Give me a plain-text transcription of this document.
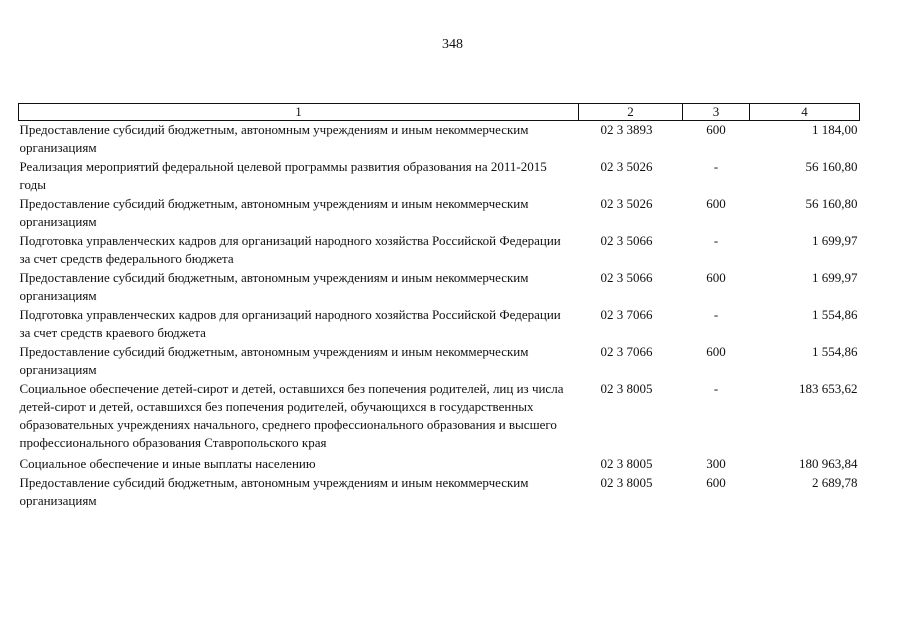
348
1	2	3	4
Предоставление субсидий бюджетным, автономным учреждениям и иным некоммерческим организациям	02 3 3893	600	1 184,00
Реализация мероприятий федеральной целевой программы развития образования на 2011-2015 годы	02 3 5026	-	56 160,80
Предоставление субсидий бюджетным, автономным учреждениям и иным некоммерческим организациям	02 3 5026	600	56 160,80
Подготовка управленческих кадров для организаций народного хозяйства Российской Федерации за счет средств федерального бюджета	02 3 5066	-	1 699,97
Предоставление субсидий бюджетным, автономным учреждениям и иным некоммерческим организациям	02 3 5066	600	1 699,97
Подготовка управленческих кадров для организаций народного хозяйства Российской Федерации за счет средств краевого бюджета	02 3 7066	-	1 554,86
Предоставление субсидий бюджетным, автономным учреждениям и иным некоммерческим организациям	02 3 7066	600	1 554,86
Социальное обеспечение детей-сирот и детей, оставшихся без попечения родителей, лиц из числа детей-сирот и детей, оставшихся без попечения родителей, обучающихся в государственных образовательных учреждениях начального, среднего профессионального образования и высшего профессионального образования Ставропольского края	02 3 8005	-	183 653,62
Социальное обеспечение и иные выплаты населению	02 3 8005	300	180 963,84
Предоставление субсидий бюджетным, автономным учреждениям и иным некоммерческим организациям	02 3 8005	600	2 689,78
